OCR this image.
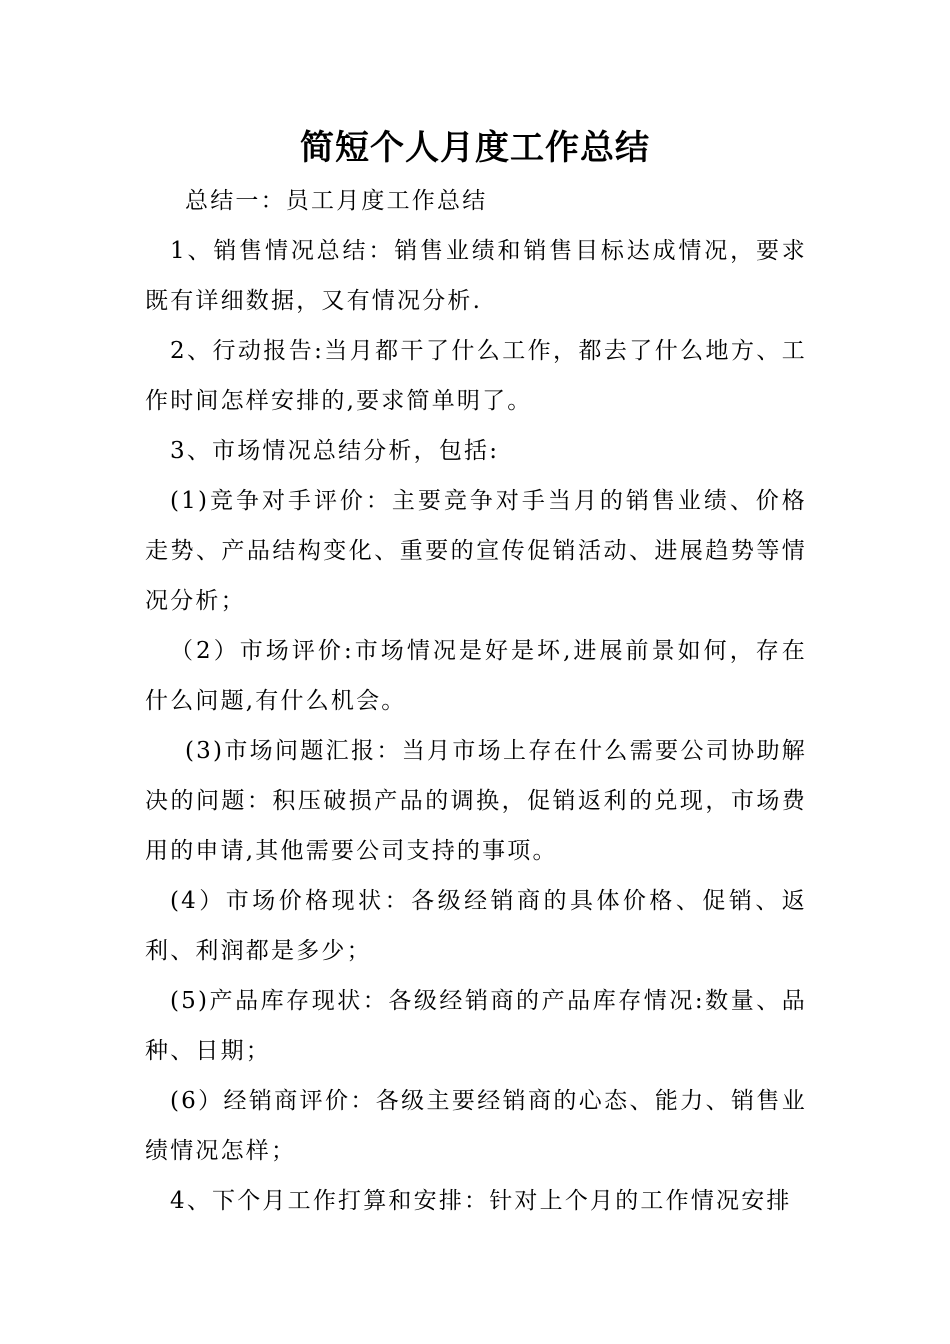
简短个人月度工作总结

总结一：员工月度工作总结

1、销售情况总结：销售业绩和销售目标达成情况，要求既有详细数据，又有情况分析.

2、行动报告:当月都干了什么工作，都去了什么地方、工作时间怎样安排的,要求简单明了。

3、市场情况总结分析，包括:

(1)竞争对手评价：主要竞争对手当月的销售业绩、价格走势、产品结构变化、重要的宣传促销活动、进展趋势等情况分析；

（2）市场评价:市场情况是好是坏,进展前景如何，存在什么问题,有什么机会。

(3)市场问题汇报：当月市场上存在什么需要公司协助解决的问题：积压破损产品的调换，促销返利的兑现，市场费用的申请,其他需要公司支持的事项。

(4）市场价格现状：各级经销商的具体价格、促销、返利、利润都是多少；

(5)产品库存现状：各级经销商的产品库存情况:数量、品种、日期；

(6）经销商评价：各级主要经销商的心态、能力、销售业绩情况怎样；

4、下个月工作打算和安排：针对上个月的工作情况安排
